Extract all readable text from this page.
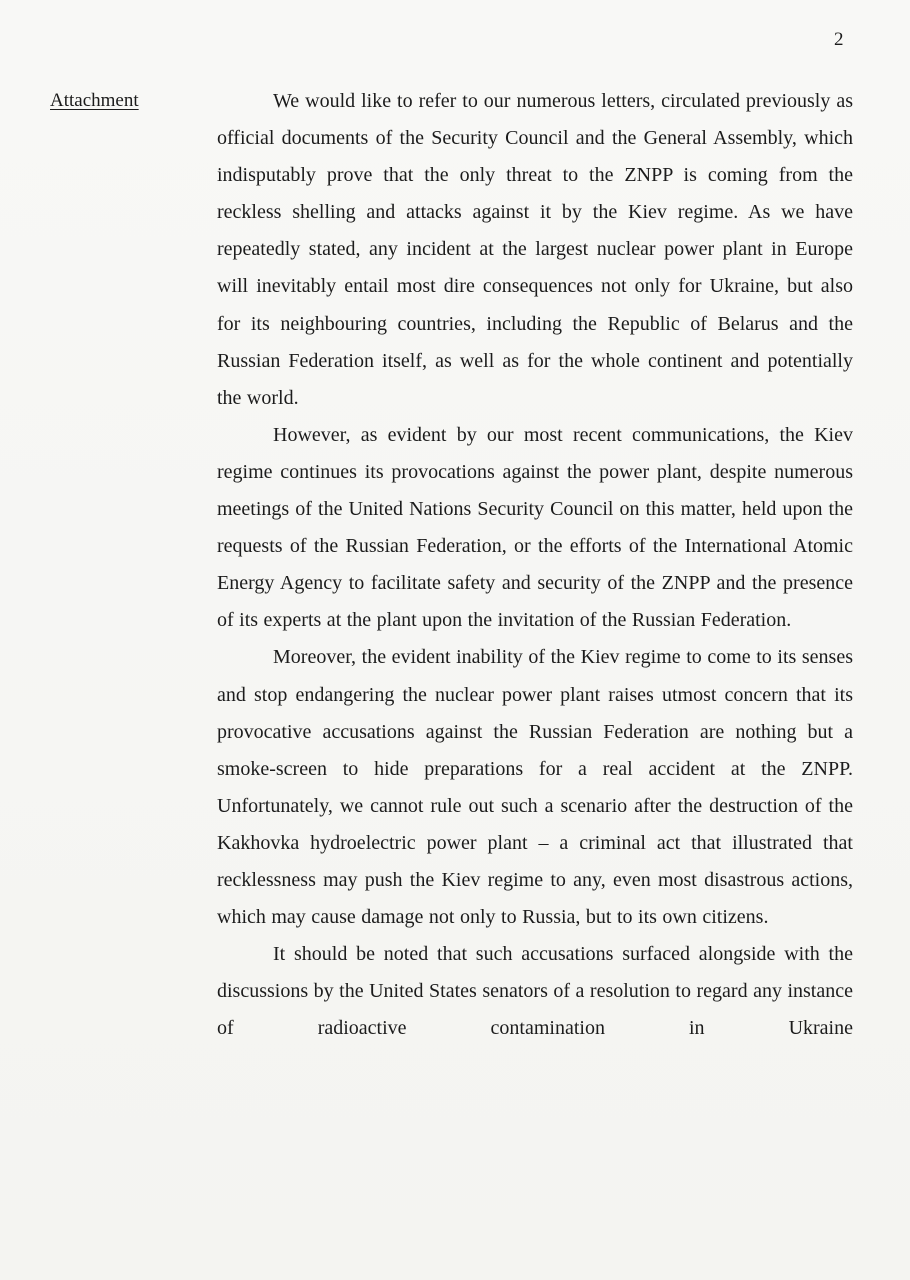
2
Attachment	We would like to refer to our numerous letters, circulated previously as official documents of the Security Council and the General Assembly, which indisputably prove that the only threat to the ZNPP is coming from the reckless shelling and attacks against it by the Kiev regime. As we have repeatedly stated, any incident at the largest nuclear power plant in Europe will inevitably entail most dire consequences not only for Ukraine, but also for its neighbouring countries, including the Republic of Belarus and the Russian Federation itself, as well as for the whole continent and potentially the world.

However, as evident by our most recent communications, the Kiev regime continues its provocations against the power plant, despite numerous meetings of the United Nations Security Council on this matter, held upon the requests of the Russian Federation, or the efforts of the International Atomic Energy Agency to facilitate safety and security of the ZNPP and the presence of its experts at the plant upon the invitation of the Russian Federation.

Moreover, the evident inability of the Kiev regime to come to its senses and stop endangering the nuclear power plant raises utmost concern that its provocative accusations against the Russian Federation are nothing but a smoke-screen to hide preparations for a real accident at the ZNPP. Unfortunately, we cannot rule out such a scenario after the destruction of the Kakhovka hydroelectric power plant – a criminal act that illustrated that recklessness may push the Kiev regime to any, even most disastrous actions, which may cause damage not only to Russia, but to its own citizens.

It should be noted that such accusations surfaced alongside with the discussions by the United States senators of a resolution to regard any instance of radioactive contamination in Ukraine
